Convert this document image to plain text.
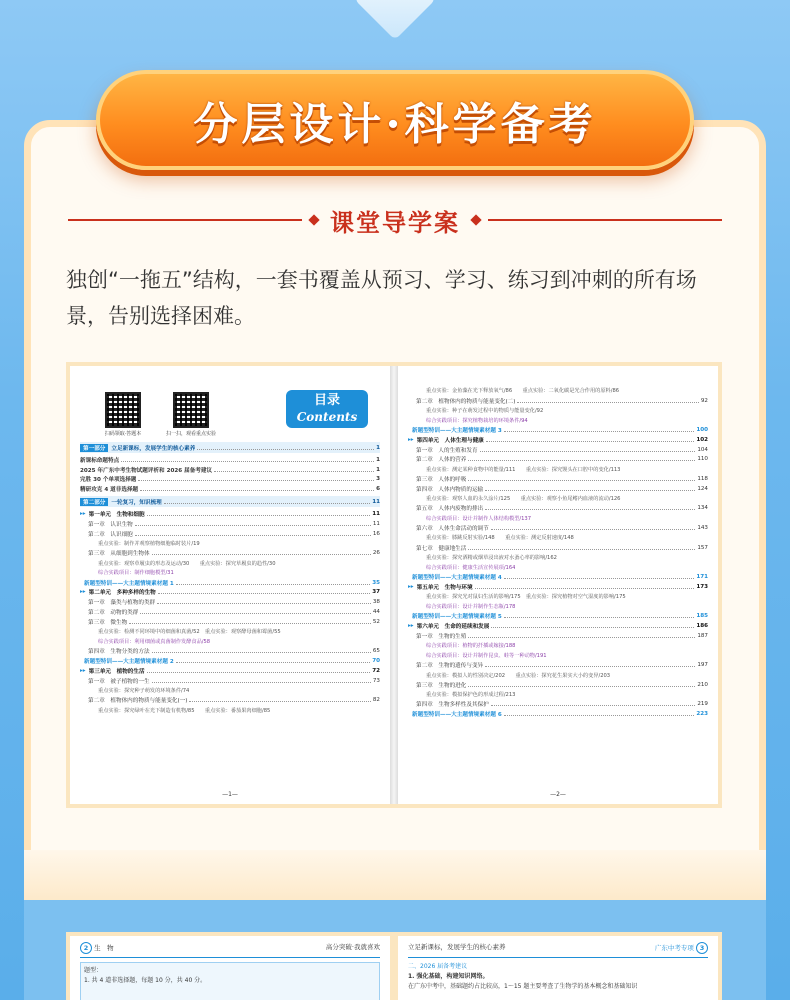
分层设计·科学备考
课堂导学案

独创“一拖五”结构，一套书覆盖从预习、学习、练习到冲刺的所有场景，告别选择困难。

扫码领取·答题本	扫一扫，观看重点实验
目录
Contents
第一部分	立足新课标，发展学生的核心素养	1
新课标命题特点	1
2025 年广东中考生物试题评析和 2026 届备考建议	1
完胜 30 个单项选择题	3
精研攻克 4 道非选择题	6
第二部分	一轮复习，知识梳理	11
▸▸ 第一单元　生物和细胞	11
第一章　认识生物	11
第二章　认识细胞	16
重点实验：制作并观察植物细胞临时装片/19
第三章　从细胞到生物体	26
重点实验：观察草履虫的形态及运动/30　　重点实验：探究草履虫的趋性/30
综合实践项目：制作细胞模型/31
新题型特训——大主题情境素材题 1	35
▸▸ 第二单元　多种多样的生物	37
第一章　藻类与植物的类群	38
第二章　动物的类群	44
第三章　微生物	52
重点实验：检测不同环境中的细菌和真菌/52　重点实验：观察酵母菌和霉菌/55
综合实践项目：利用细菌或真菌制作发酵食品/58
第四章　生物分类的方法	65
新题型特训——大主题情境素材题 2	70
▸▸ 第三单元　植物的生活	72
第一章　被子植物的一生	73
重点实验：探究种子萌发的环境条件/74
第二章　植物体内的物质与能量变化(一)	82
重点实验：探究绿叶在光下制造有机物/85　　重点实验：番茄果肉细胞/85
—1—
重点实验：金鱼藻在光下释放氧气/86　　重点实验：二氧化碳是光合作用的原料/86
第二章　植物体内的物质与能量变化(二)	92
重点实验：种子在萌发过程中的物质与能量变化/92
综合实践项目：探究植物栽培的环境条件/94
新题型特训——大主题情境素材题 3	100
▸▸ 第四单元　人体生理与健康	102
第一章　人的生殖和发育	104
第二章　人体的营养	110
重点实验：测定某种食物中的能量/111　　重点实验：探究馒头在口腔中的变化/113
第三章　人体的呼吸	118
第四章　人体内物质的运输	124
重点实验：观察人血的永久涂片/125　　重点实验：观察小鱼尾鳍内血液的流动/126
第五章　人体内废物的排出	134
综合实践项目：设计并制作人体结构模型/137
第六章　人体生命活动的调节	143
重点实验：膝跳反射实验/148　　重点实验：测定反射速度/148
第七章　健康地生活	157
重点实验：探究酒精或烟草浸出液对水蚤心率的影响/162
综合实践项目：健康生活宣传展项/164
新题型特训——大主题情境素材题 4	171
▸▸ 第五单元　生物与环境	173
重点实验：探究光对鼠妇生活的影响/175　重点实验：探究植物对空气湿度的影响/175
综合实践项目：设计并制作生态瓶/178
新题型特训——大主题情境素材题 5	185
▸▸ 第六单元　生命的延续和发展	186
第一章　生物的生殖	187
综合实践项目：植物的扦插或嫁接/188
综合实践项目：设计并制作昆虫、蛙等一种动物/191
第二章　生物的遗传与变异	197
重点实验：模拟人的性别决定/202　　重点实验：探究花生果实大小的变异/203
第三章　生物的进化	210
重点实验：模拟保护色的形成过程/213
第四章　生物多样性及其保护	219
新题型特训——大主题情境素材题 6	223
—2—
2 生　物	高分突破·我就喜欢
题型：
1. 共 4 道非选择题，每题 10 分，共 40 分。
立足新课标，发展学生的核心素养	广东中考专项 3
二、2026 届备考建议
1. 强化基础，构建知识网络。
在广东中考中，基础题约占比较高，1～15 题主要考查了生物学的基本概念和基础知识
